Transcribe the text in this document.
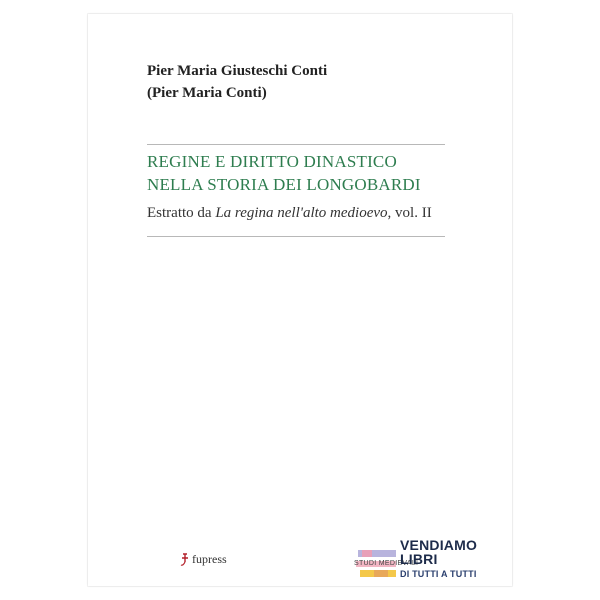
Pier Maria Giusteschi Conti
(Pier Maria Conti)
REGINE E DIRITTO DINASTICO
NELLA STORIA DEI LONGOBARDI
Estratto da La regina nell'alto medioevo, vol. II
fupress	STUDI MEDIEVALI
VENDIAMO
LIBRI
DI TUTTI A TUTTI
